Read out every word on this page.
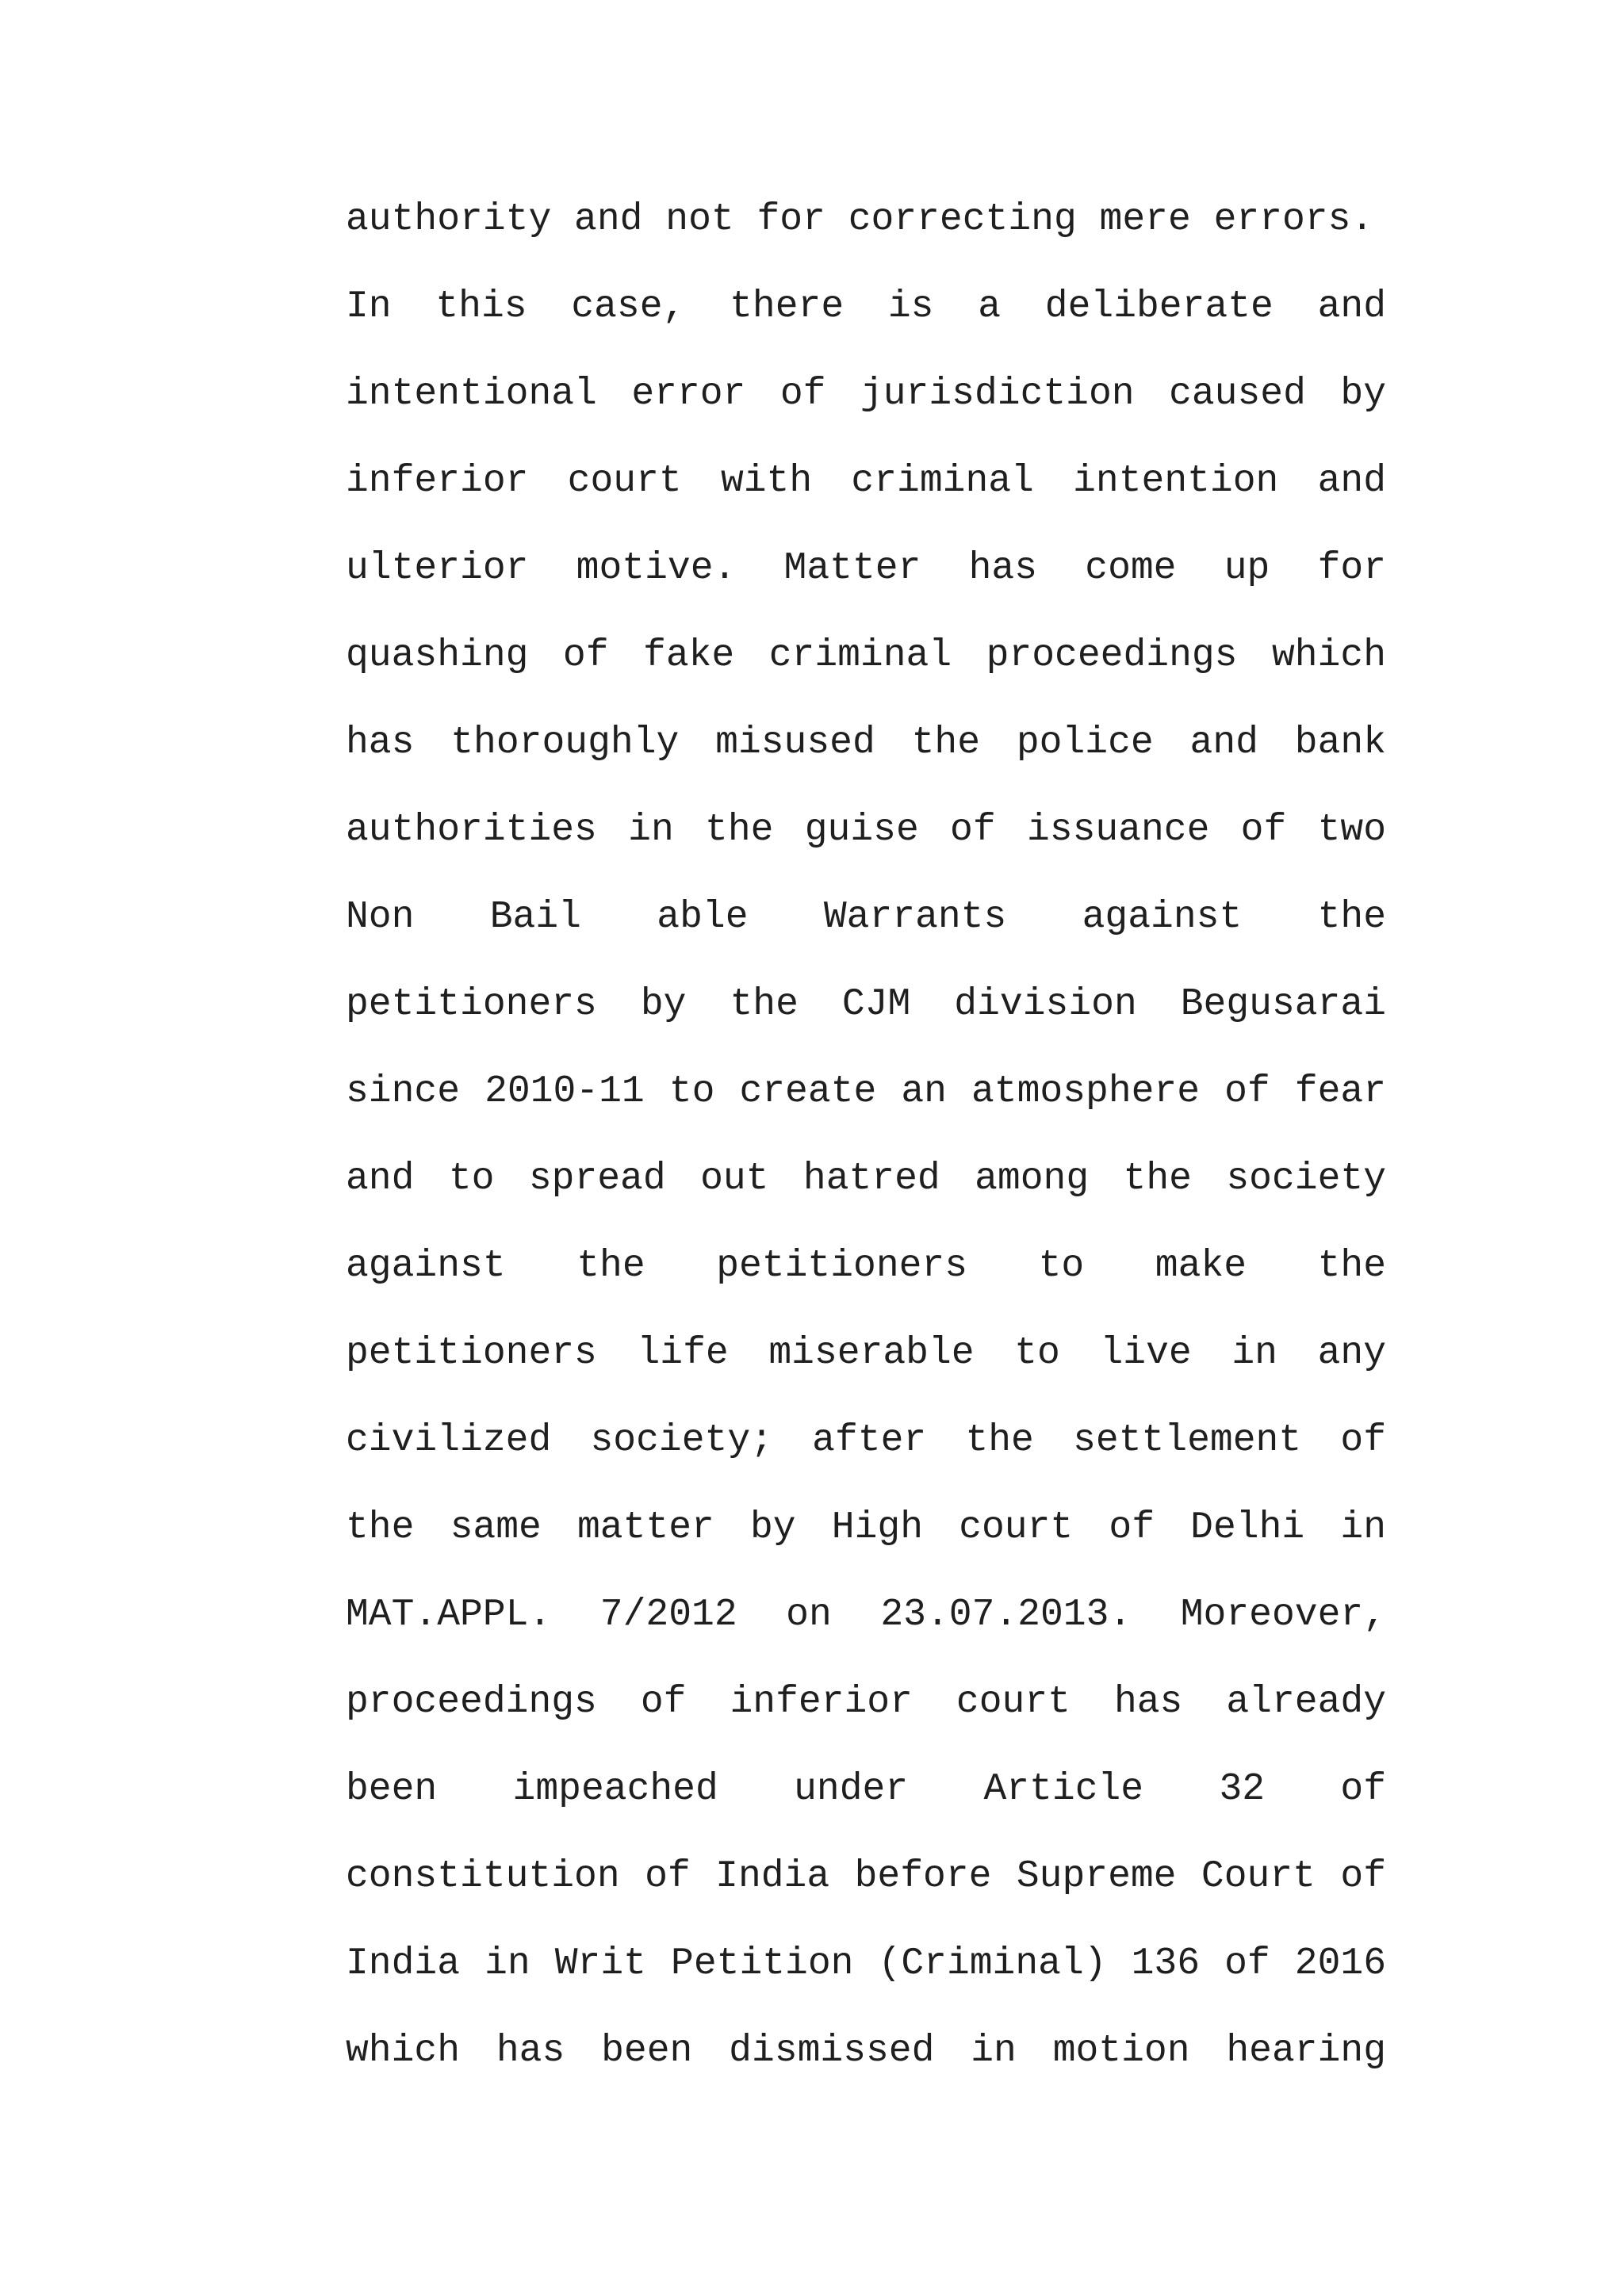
authority and not for correcting mere errors.
In this case, there is a deliberate and
intentional error of jurisdiction caused by
inferior court with criminal intention and
ulterior motive. Matter has come up for
quashing of fake criminal proceedings which
has thoroughly misused the police and bank
authorities in the guise of issuance of two
Non Bail able Warrants against the
petitioners by the CJM division Begusarai
since 2010-11 to create an atmosphere of fear
and to spread out hatred among the society
against the petitioners to make the
petitioners life miserable to live in any
civilized society; after the settlement of
the same matter by High court of Delhi in
MAT.APPL. 7/2012 on 23.07.2013. Moreover,
proceedings of inferior court has already
been impeached under Article 32 of
constitution of India before Supreme Court of
India in Writ Petition (Criminal) 136 of 2016
which has been dismissed in motion hearing
